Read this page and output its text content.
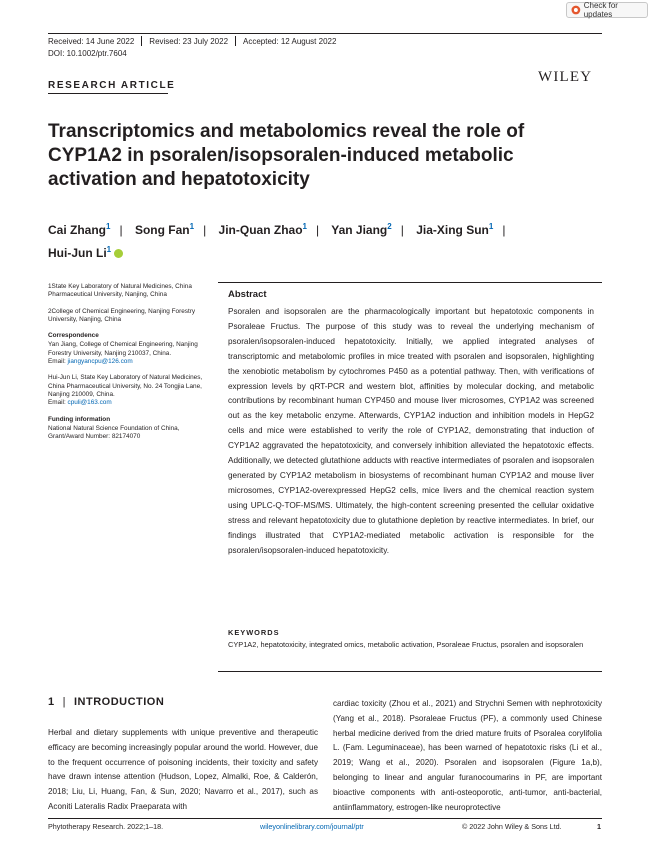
Check for updates
Received: 14 June 2022 Revised: 23 July 2022 Accepted: 12 August 2022
DOI: 10.1002/ptr.7604
RESEARCH ARTICLE
WILEY
Transcriptomics and metabolomics reveal the role of CYP1A2 in psoralen/isopsoralen-induced metabolic activation and hepatotoxicity
Cai Zhang$^1$ | Song Fan$^1$ | Jin-Quan Zhao$^1$ | Yan Jiang$^2$ | Jia-Xing Sun$^1$ |
Hui-Jun Li$^1$

1State Key Laboratory of Natural Medicines, China Pharmaceutical University, Nanjing, China

2College of Chemical Engineering, Nanjing Forestry University, Nanjing, China

Correspondence

Yan Jiang, College of Chemical Engineering, Nanjing Forestry University, Nanjing 210037, China.

Email: jiangyancpu@126.com

Hui-Jun Li, State Key Laboratory of Natural Medicines, China Pharmaceutical University, No. 24 Tongjia Lane, Nanjing 210009, China.

Email: cpuli@163.com

Funding information

National Natural Science Foundation of China, Grant/Award Number: 82174070

Abstract
Psoralen and isopsoralen are the pharmacologically important but hepatotoxic components in Psoraleae Fructus. The purpose of this study was to reveal the underlying mechanism of psoralen/isopsoralen-induced hepatotoxicity. Initially, we applied integrated analyses of transcriptomic and metabolomic profiles in mice treated with psoralen and isopsoralen, highlighting the xenobiotic metabolism by cytochromes P450 as a potential pathway. Then, with verifications of expression levels by qRT-PCR and western blot, affinities by molecular docking, and metabolic contributions by recombinant human CYP450 and mouse liver microsomes, CYP1A2 was screened out as the key metabolic enzyme. Afterwards, CYP1A2 induction and inhibition models in HepG2 cells and mice were established to verify the role of CYP1A2, demonstrating that induction of CYP1A2 aggravated the hepatotoxicity, and conversely inhibition alleviated the hepatotoxic effects. Additionally, we detected glutathione adducts with reactive intermediates of psoralen and isopsoralen generated by CYP1A2 metabolism in biosystems of recombinant human CYP1A2 and mouse liver microsomes, CYP1A2-overexpressed HepG2 cells, mice livers and the chemical reaction system using UPLC-Q-TOF-MS/MS. Ultimately, the high-content screening presented the cellular oxidative stress and relevant hepatotoxicity due to glutathione depletion by reactive intermediates. In brief, our findings illustrated that CYP1A2-mediated metabolic activation is responsible for the psoralen/isopsoralen-induced hepatotoxicity.
KEYWORDS
CYP1A2, hepatotoxicity, integrated omics, metabolic activation, Psoraleae Fructus, psoralen and isopsoralen
1 | INTRODUCTION
Herbal and dietary supplements with unique preventive and therapeutic efficacy are becoming increasingly popular around the world. However, due to the frequent occurrence of poisoning incidents, their toxicity and safety have drawn intense attention (Hudson, Lopez, Almalki, Roe, & Calderón, 2018; Liu, Li, Huang, Fan, & Sun, 2020; Navarro et al., 2017), such as Aconiti Lateralis Radix Praeparata with
cardiac toxicity (Zhou et al., 2021) and Strychni Semen with nephrotoxicity (Yang et al., 2018). Psoraleae Fructus (PF), a commonly used Chinese herbal medicine derived from the dried mature fruits of Psoralea corylifolia L. (Fam. Leguminaceae), has been warned of hepatotoxic risks (Li et al., 2019; Wang et al., 2020). Psoralen and isopsoralen (Figure 1a,b), belonging to linear and angular furanocoumarins in PF, are important bioactive components with anti-osteoporotic, anti-tumor, anti-bacterial, antiinflammatory, estrogen-like neuroprotective
Phytotherapy Research. 2022;1–18.	wileyonlinelibrary.com/journal/ptr	© 2022 John Wiley & Sons Ltd.	1
